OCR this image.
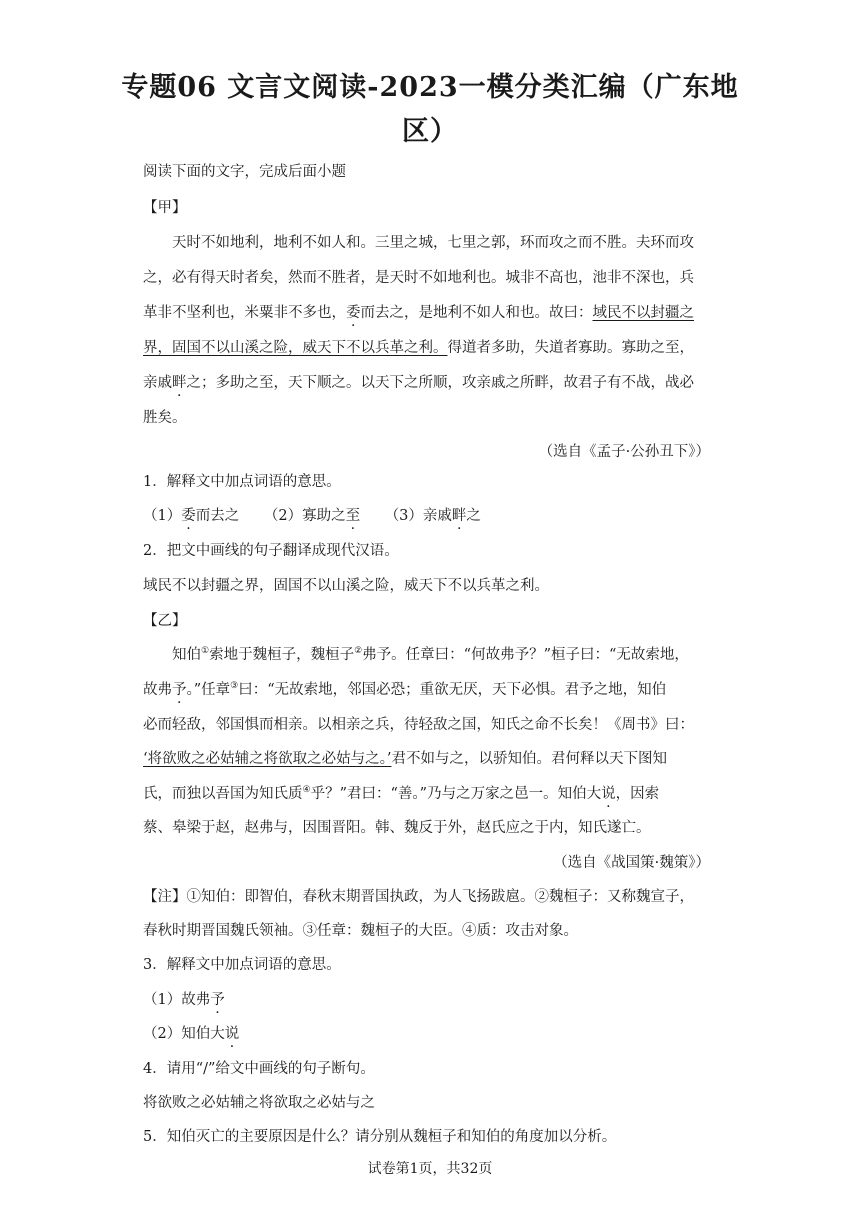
专题06 文言文阅读-2023一模分类汇编（广东地
区）
阅读下面的文字，完成后面小题
【甲】
天时不如地利，地利不如人和。三里之城，七里之郭，环而攻之而不胜。夫环而攻
之，必有得天时者矣，然而不胜者，是天时不如地利也。城非不高也，池非不深也，兵
革非不坚利也，米粟非不多也，委而去之，是地利不如人和也。故曰：域民不以封疆之
界，固国不以山溪之险，威天下不以兵革之利。得道者多助，失道者寡助。寡助之至，
亲戚畔之；多助之至，天下顺之。以天下之所顺，攻亲戚之所畔，故君子有不战，战必
胜矣。
（选自《孟子·公孙丑下》）
1．解释文中加点词语的意思。
（1）委而去之 （2）寡助之至 （3）亲戚畔之
2．把文中画线的句子翻译成现代汉语。
域民不以封疆之界，固国不以山溪之险，威天下不以兵革之利。
【乙】
知伯①索地于魏桓子，魏桓子②弗予。任章曰：“何故弗予？”桓子曰：“无故索地，
故弗予。”任章③曰：“无故索地，邻国必恐；重欲无厌，天下必惧。君予之地，知伯
必而轻敌，邻国惧而相亲。以相亲之兵，待轻敌之国，知氏之命不长矣！《周书》曰：
‘将欲败之必姑辅之将欲取之必姑与之。’君不如与之，以骄知伯。君何释以天下图知
氏，而独以吾国为知氏质④乎？”君曰：“善。”乃与之万家之邑一。知伯大说，因索
蔡、皋梁于赵，赵弗与，因围晋阳。韩、魏反于外，赵氏应之于内，知氏遂亡。
（选自《战国策·魏策》）
【注】①知伯：即智伯，春秋末期晋国执政，为人飞扬跋扈。②魏桓子：又称魏宣子，
春秋时期晋国魏氏领袖。③任章：魏桓子的大臣。④质：攻击对象。
3．解释文中加点词语的意思。
（1）故弗予
（2）知伯大说
4．请用“/”给文中画线的句子断句。
将欲败之必姑辅之将欲取之必姑与之
5．知伯灭亡的主要原因是什么？请分别从魏桓子和知伯的角度加以分析。
试卷第1页，共32页
